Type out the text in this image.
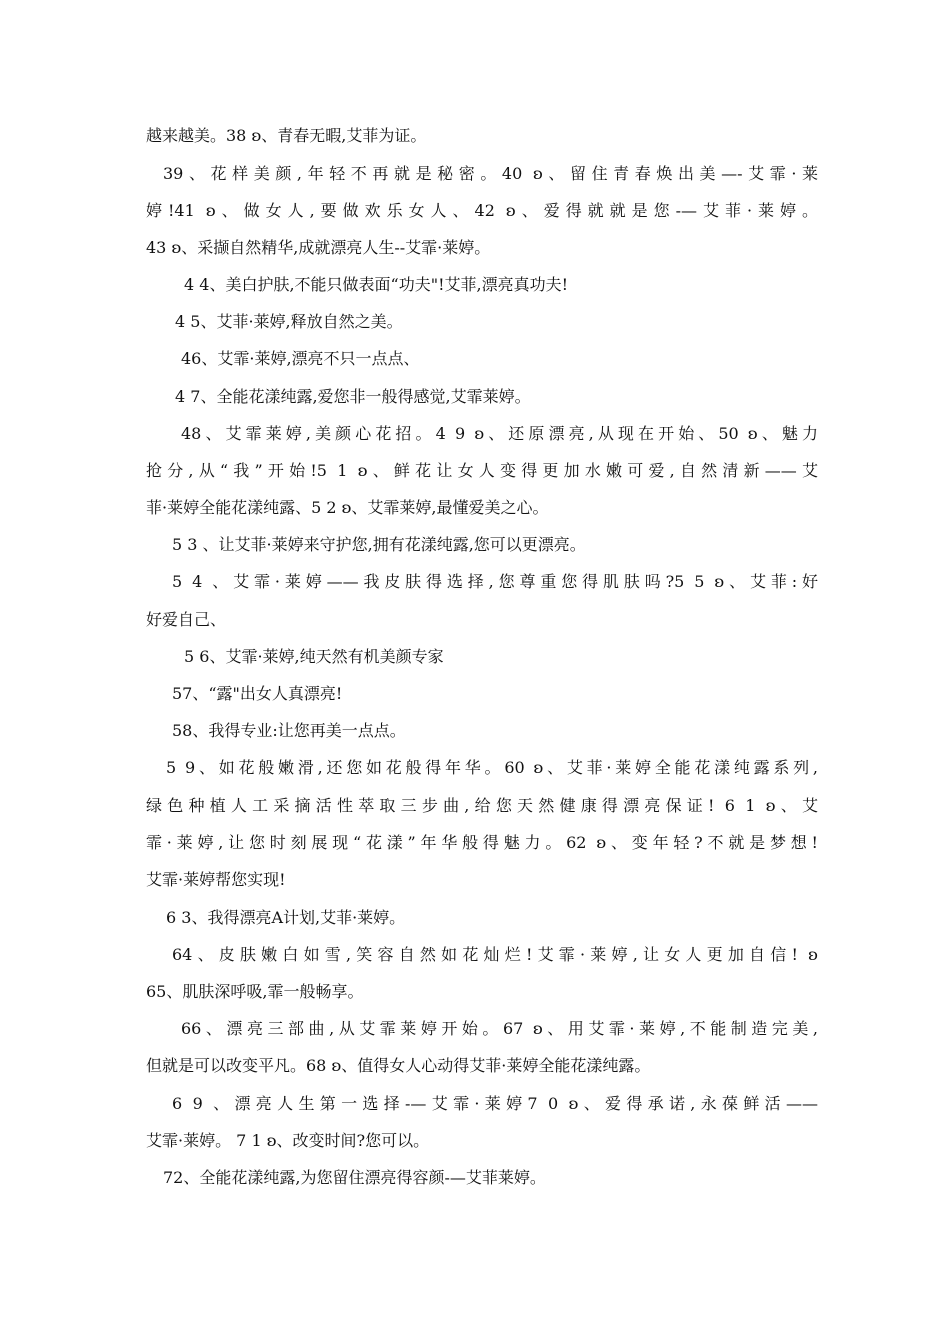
越来越美。38 ʚ、青春无暇,艾菲为证。
39、花样美颜,年轻不再就是秘密。40 ʚ、留住青春焕出美—-艾霏·莱
婷!41 ʚ、做女人,要做欢乐女人、42 ʚ、爱得就就是您-—艾菲·莱婷。
43 ʚ、采撷自然精华,成就漂亮人生--艾霏·莱婷。
4 4、美白护肤,不能只做表面“功夫"!艾菲,漂亮真功夫!
4 5、艾菲·莱婷,释放自然之美。
46、艾霏·莱婷,漂亮不只一点点、
4 7、全能花漾纯露,爱您非一般得感觉,艾霏莱婷。
48、艾霏莱婷,美颜心花招。4 9 ʚ、还原漂亮,从现在开始、50 ʚ、魅力
抢分,从“我”开始!5 1 ʚ、鲜花让女人变得更加水嫩可爱,自然清新——艾
菲·莱婷全能花漾纯露、5 2 ʚ、艾霏莱婷,最懂爱美之心。
5 3 、让艾菲·莱婷来守护您,拥有花漾纯露,您可以更漂亮。
5 4 、艾霏·莱婷——我皮肤得选择,您尊重您得肌肤吗?5 5 ʚ、艾菲:好
好爱自己、
5 6、艾霏·莱婷,纯天然有机美颜专家
57、“露"出女人真漂亮!
58、我得专业:让您再美一点点。
5 9、如花般嫩滑,还您如花般得年华。60 ʚ、艾菲·莱婷全能花漾纯露系列,
绿色种植人工采摘活性萃取三步曲,给您天然健康得漂亮保证! 6 1 ʚ、艾
霏·莱婷,让您时刻展现“花漾”年华般得魅力。62 ʚ、变年轻?不就是梦想!
艾霏·莱婷帮您实现!
6 3、我得漂亮A计划,艾菲·莱婷。
64、皮肤嫩白如雪,笑容自然如花灿烂!艾霏·莱婷,让女人更加自信! ʚ
65、肌肤深呼吸,霏一般畅享。
66、漂亮三部曲,从艾霏莱婷开始。67 ʚ、用艾霏·莱婷,不能制造完美,
但就是可以改变平凡。68 ʚ、值得女人心动得艾菲·莱婷全能花漾纯露。
6 9 、漂亮人生第一选择-—艾霏·莱婷7 0 ʚ、爱得承诺,永葆鲜活——
艾霏·莱婷。 7 1 ʚ、改变时间?您可以。
72、全能花漾纯露,为您留住漂亮得容颜-—艾菲莱婷。
